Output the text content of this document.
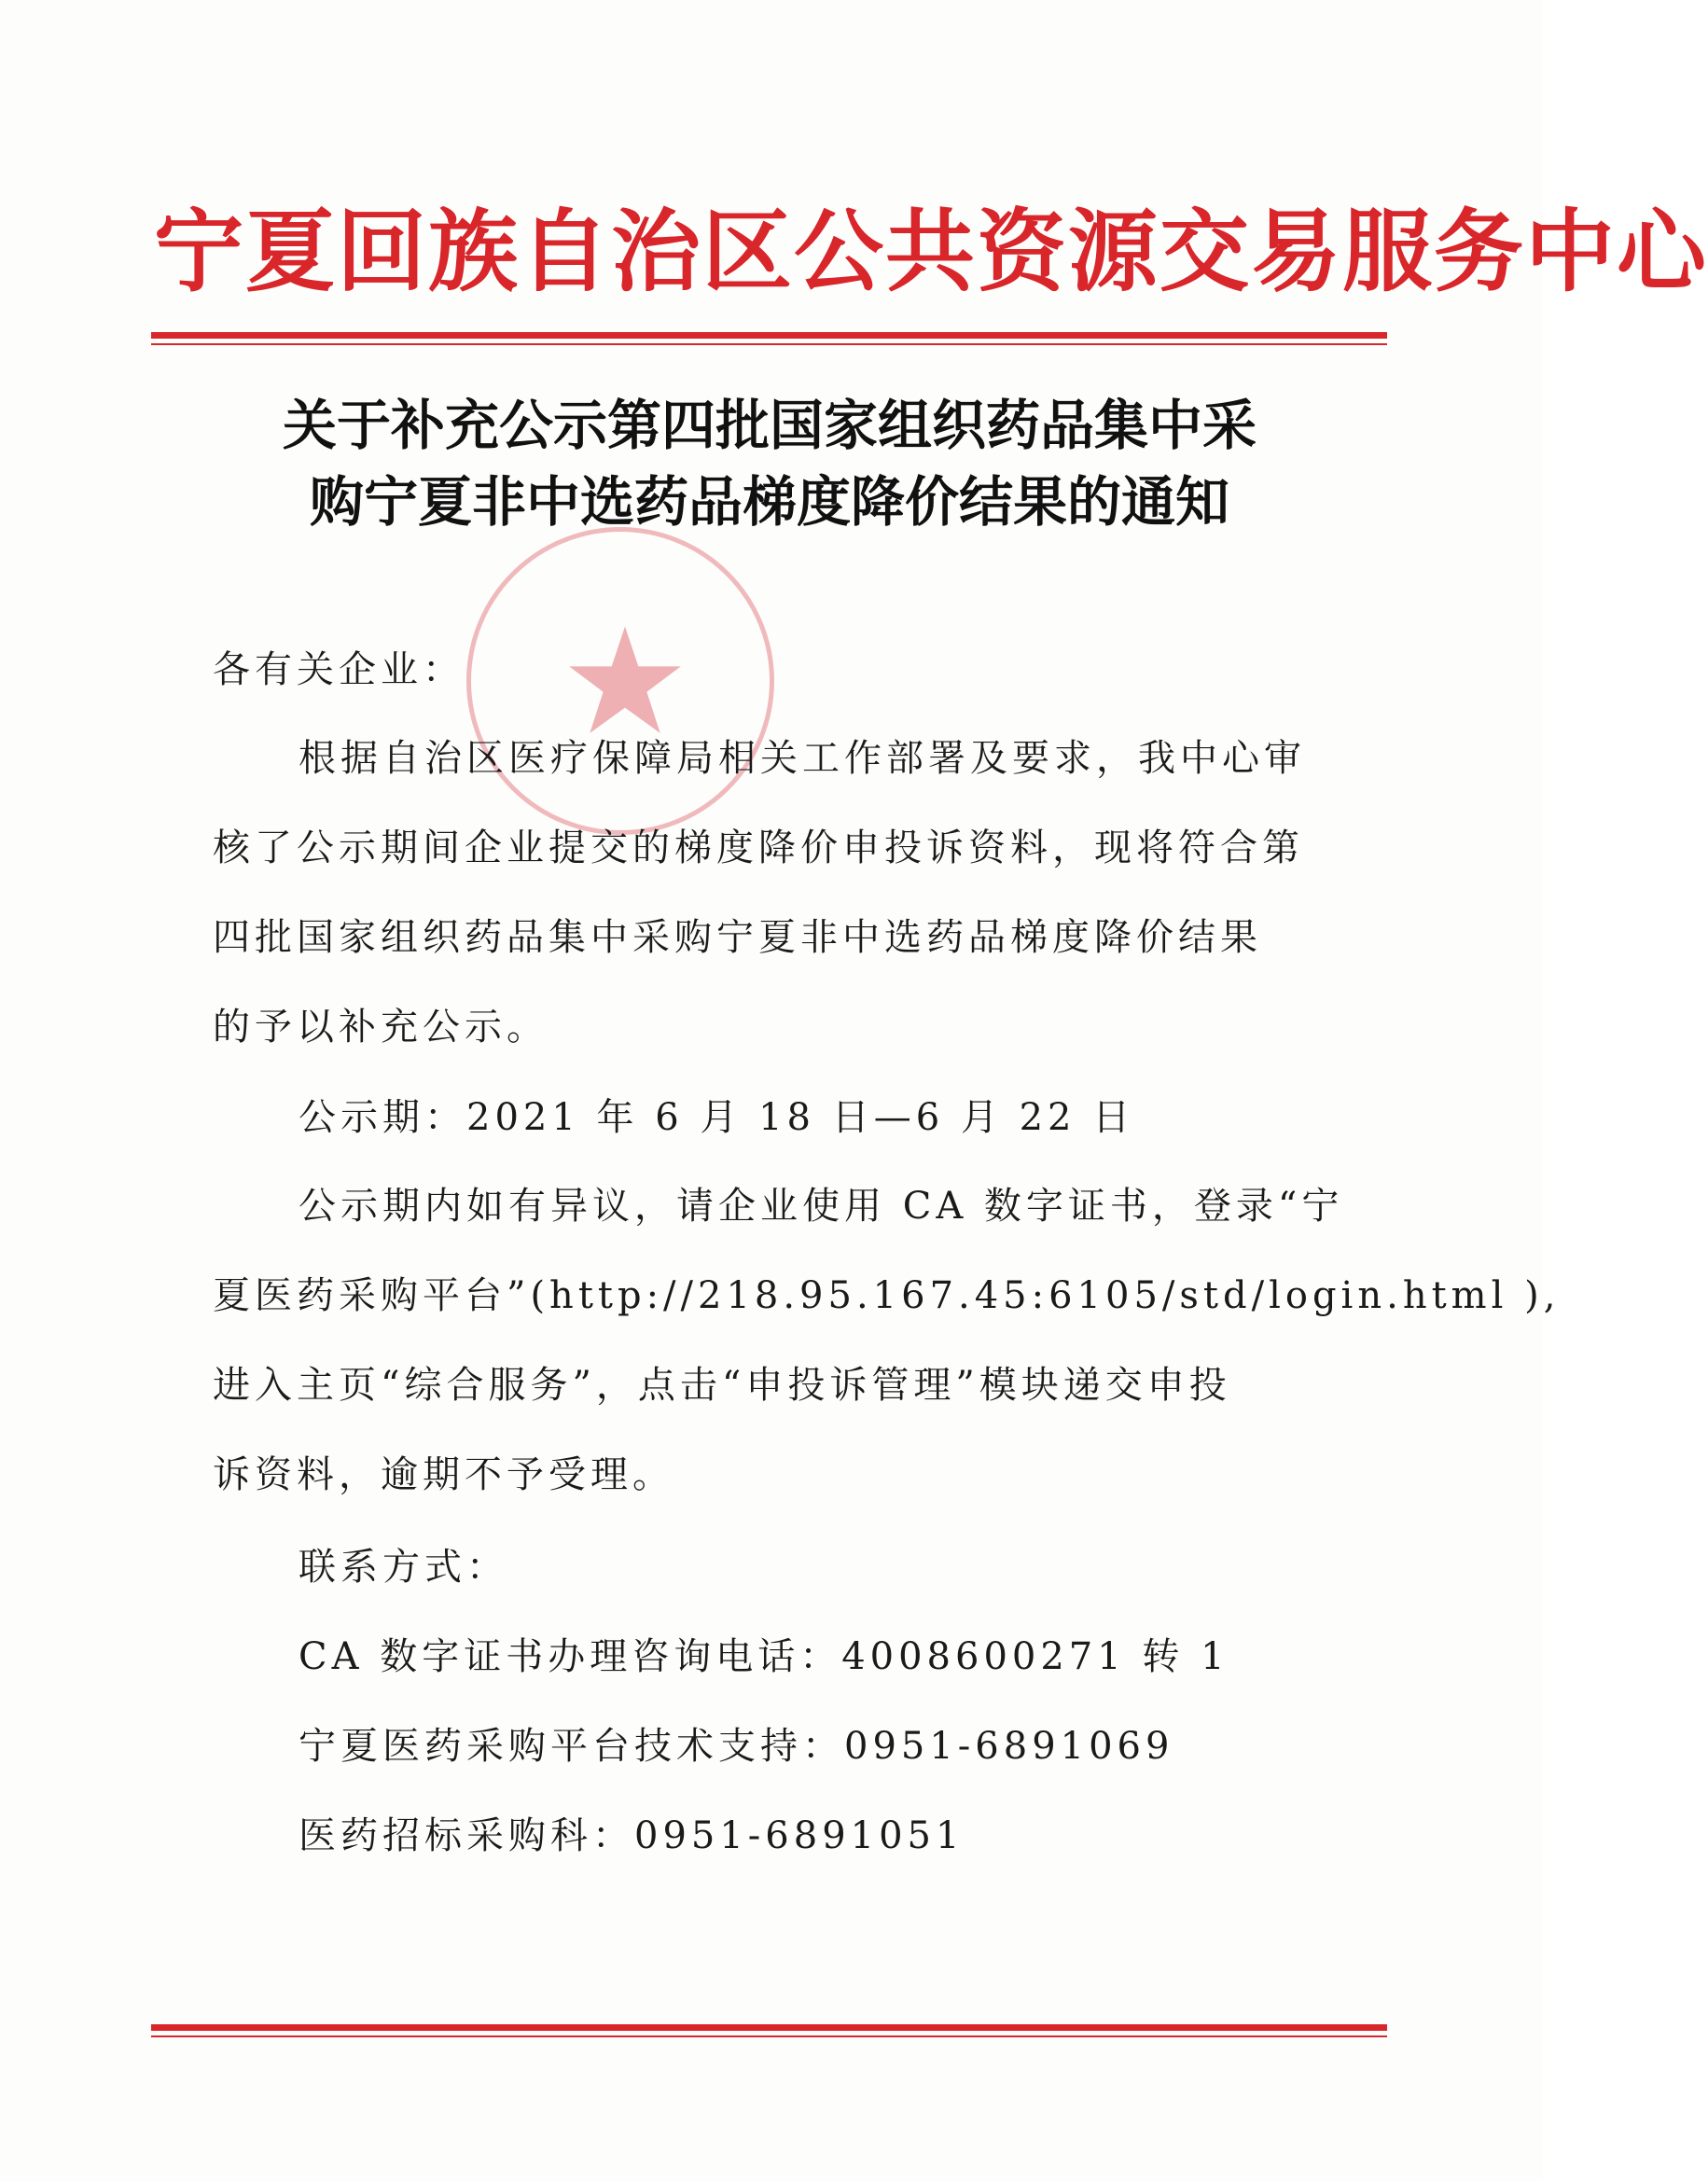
宁夏回族自治区公共资源交易服务中心
关于补充公示第四批国家组织药品集中采
购宁夏非中选药品梯度降价结果的通知
各有关企业：
根据自治区医疗保障局相关工作部署及要求，我中心审
核了公示期间企业提交的梯度降价申投诉资料，现将符合第
四批国家组织药品集中采购宁夏非中选药品梯度降价结果
的予以补充公示。
公示期：2021 年 6 月 18 日—6 月 22 日
公示期内如有异议，请企业使用 CA 数字证书，登录“宁
夏医药采购平台”(http://218.95.167.45:6105/std/login.html ),
进入主页“综合服务”，点击“申投诉管理”模块递交申投
诉资料，逾期不予受理。
联系方式：
CA 数字证书办理咨询电话：4008600271 转 1
宁夏医药采购平台技术支持：0951-6891069
医药招标采购科：0951-6891051
